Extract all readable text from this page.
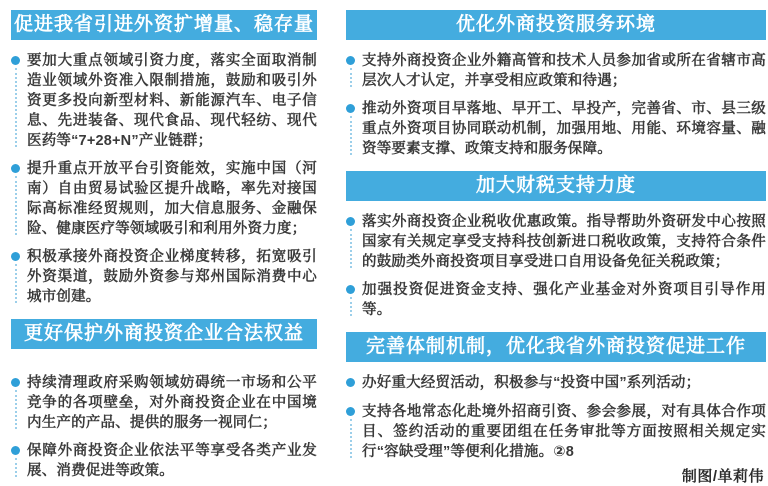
促进我省引进外资扩增量、稳存量

要加大重点领域引资力度，落实全面取消制造业领域外资准入限制措施，鼓励和吸引外资更多投向新型材料、新能源汽车、电子信息、先进装备、现代食品、现代轻纺、现代医药等“7+28+N”产业链群；

提升重点开放平台引资能效，实施中国（河南）自由贸易试验区提升战略，率先对接国际高标准经贸规则，加大信息服务、金融保险、健康医疗等领域吸引和利用外资力度；

积极承接外商投资企业梯度转移，拓宽吸引外资渠道，鼓励外资参与郑州国际消费中心城市创建。

更好保护外商投资企业合法权益

持续清理政府采购领域妨碍统一市场和公平竞争的各项壁垒，对外商投资企业在中国境内生产的产品、提供的服务一视同仁；

保障外商投资企业依法平等享受各类产业发展、消费促进等政策。

优化外商投资服务环境

支持外商投资企业外籍高管和技术人员参加省或所在省辖市高层次人才认定，并享受相应政策和待遇；

推动外资项目早落地、早开工、早投产，完善省、市、县三级重点外资项目协同联动机制，加强用地、用能、环境容量、融资等要素支撑、政策支持和服务保障。

加大财税支持力度

落实外商投资企业税收优惠政策。指导帮助外资研发中心按照国家有关规定享受支持科技创新进口税收政策，支持符合条件的鼓励类外商投资项目享受进口自用设备免征关税政策；

加强投资促进资金支持、强化产业基金对外资项目引导作用等。

完善体制机制，优化我省外商投资促进工作

办好重大经贸活动，积极参与“投资中国”系列活动；

支持各地常态化赴境外招商引资、参会参展，对有具体合作项目、签约活动的重要团组在任务审批等方面按照相关规定实行“容缺受理”等便利化措施。②8

制图/单莉伟
